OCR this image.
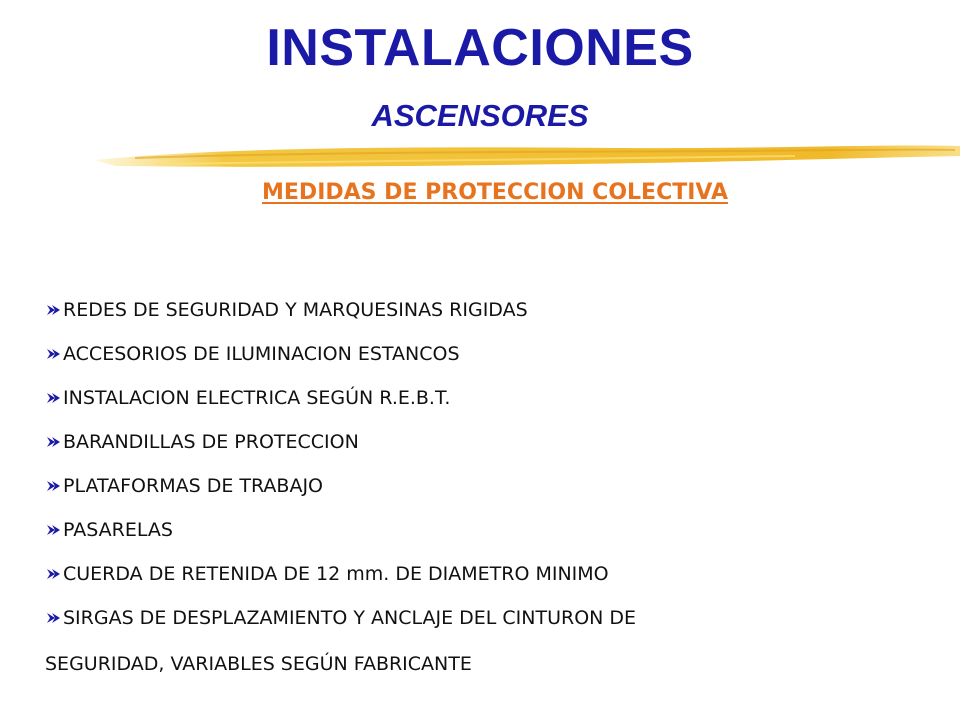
INSTALACIONES
ASCENSORES
MEDIDAS DE PROTECCION COLECTIVA
REDES DE SEGURIDAD Y MARQUESINAS RIGIDAS
ACCESORIOS DE ILUMINACION ESTANCOS
INSTALACION ELECTRICA SEGÚN R.E.B.T.
BARANDILLAS DE PROTECCION
PLATAFORMAS DE TRABAJO
PASARELAS
CUERDA DE RETENIDA DE 12 mm. DE DIAMETRO MINIMO
SIRGAS DE DESPLAZAMIENTO Y ANCLAJE DEL CINTURON DE
SEGURIDAD, VARIABLES SEGÚN FABRICANTE
